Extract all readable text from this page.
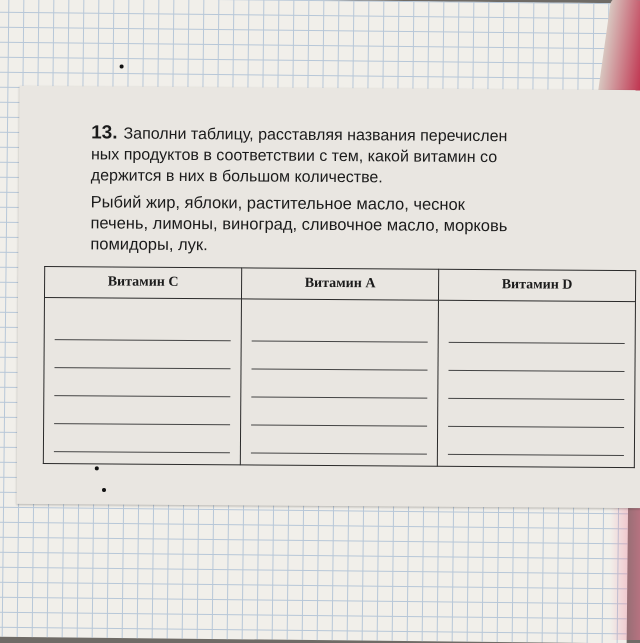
13. Заполни таблицу, расставляя названия перечислен
ных продуктов в соответствии с тем, какой витамин со
держится в них в большом количестве.

Рыбий жир, яблоки, растительное масло, чеснок
печень, лимоны, виноград, сливочное масло, морковь
помидоры, лук.

Витамин C	Витамин A	Витамин D
